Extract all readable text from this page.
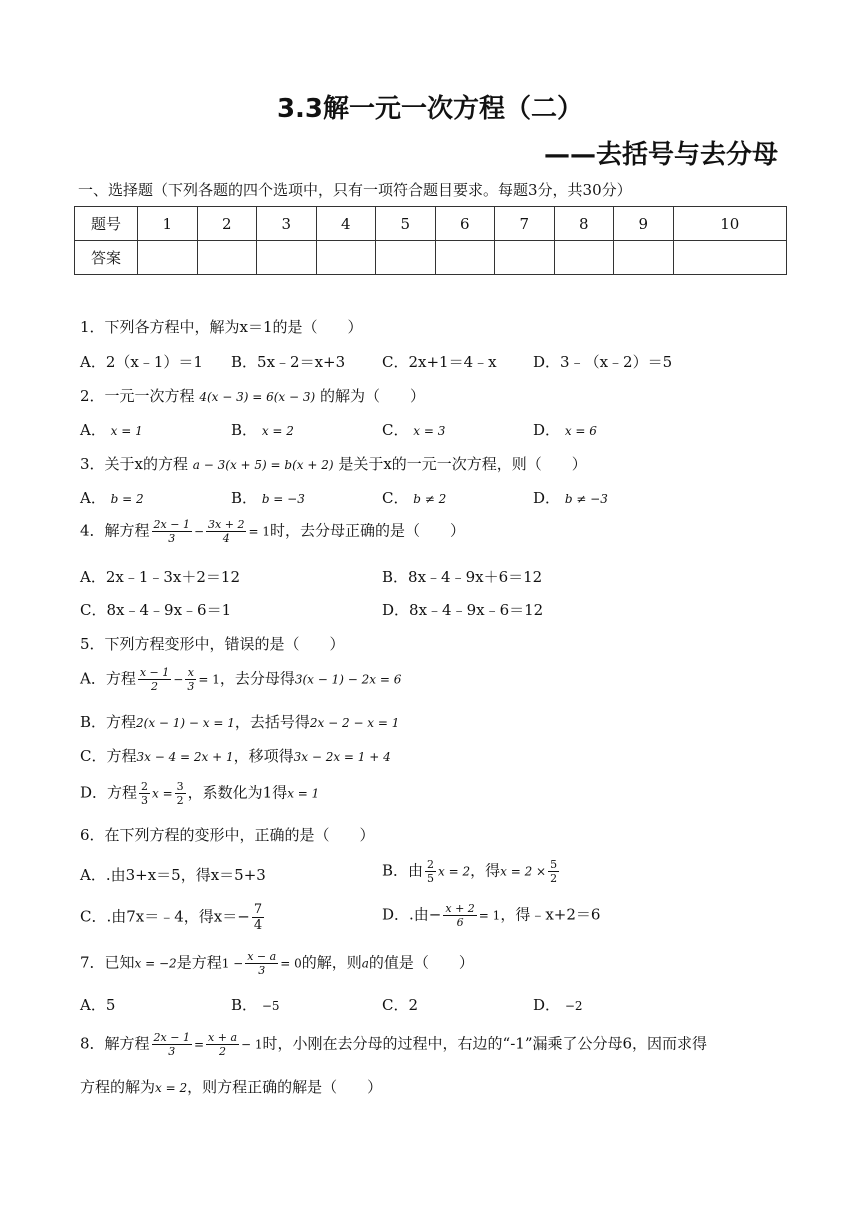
3.3解一元一次方程（二）
——去括号与去分母
一、选择题（下列各题的四个选项中，只有一项符合题目要求。每题3分，共30分）
题号	1	2	3	4	5	6	7	8	9	10
答案										
1．下列各方程中，解为x＝1的是（　　）
A．2（x﹣1）＝1 B．5x﹣2＝x+3 C．2x+1＝4﹣x D．3﹣（x﹣2）＝5
2．一元一次方程 4(x − 3) = 6(x − 3) 的解为（　　）
A． x = 1	B． x = 2	C． x = 3	D． x = 6
3．关于x的方程 a − 3(x + 5) = b(x + 2) 是关于x的一元一次方程，则（　　）
A． b = 2	B． b = −3	C． b ≠ 2	D． b ≠ −3
4．解方程 $\frac{2x - 1}{3} - \frac{3x + 2}{4} = 1$时，去分母正确的是（　　）
A．2x﹣1﹣3x＋2＝12	B．8x﹣4﹣9x＋6＝12
C．8x﹣4﹣9x﹣6＝1	D．8x﹣4﹣9x﹣6＝12
5．下列方程变形中，错误的是（　　）
A．方程 $\frac{x - 1}{2} - \frac{x}{3} = 1$，去分母得3(x − 1) − 2x = 6
B．方程2(x − 1) − x = 1，去括号得2x − 2 − x = 1
C．方程3x − 4 = 2x + 1，移项得3x − 2x = 1 + 4
D．方程 $\frac{2}{3}$ $x = \frac{3}{2}$ ，系数化为1得x = 1
6．在下列方程的变形中，正确的是（　　）
A．.由3+x＝5，得x＝5+3	B．由 $\frac{2}{5}$ x = 2，得$x = 2 \times \frac{5}{2}$
C．.由7x＝﹣4，得$x=- \frac{7}{4}$	D．.由− $\frac{x + 2}{6} = 1$，得﹣x+2＝6
7．已知x = −2是方程$1 - \frac{x - a}{3} = 0$的解，则a的值是（　　）
A．5	B． −5	C．2	D． −2
8．解方程 $\frac{2x - 1}{3} = \frac{x + a}{2} - 1$时，小刚在去分母的过程中，右边的“-1”漏乘了公分母6，因而求得
方程的解为x = 2，则方程正确的解是（　　）
